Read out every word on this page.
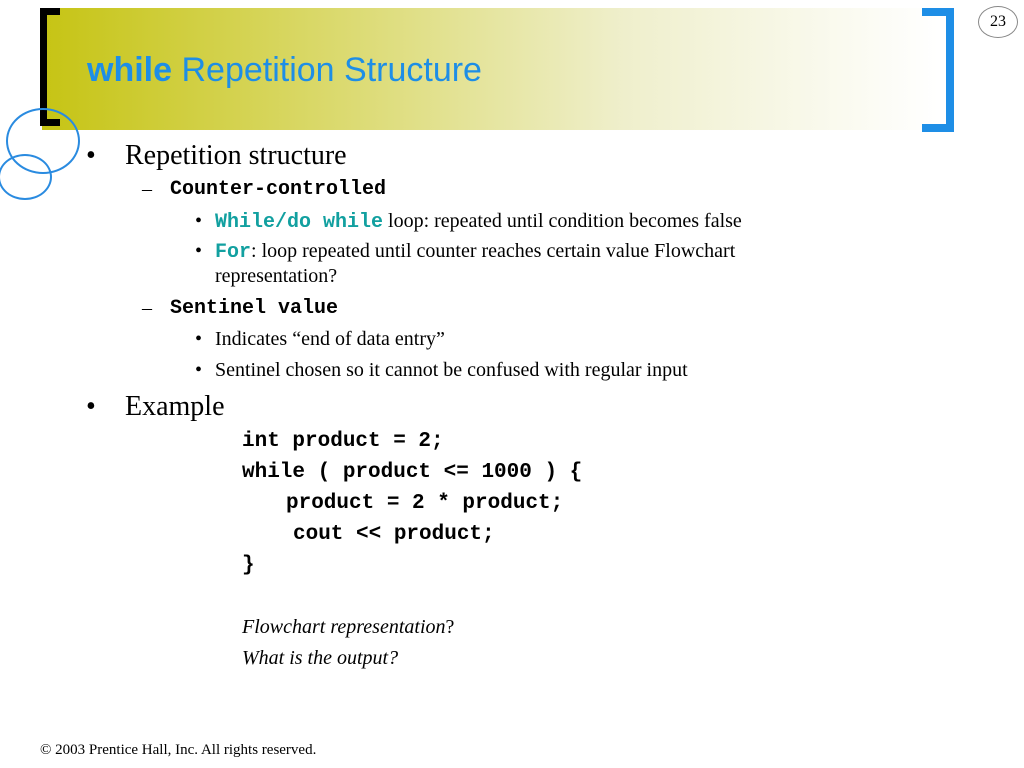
23
while Repetition Structure
• Repetition structure
– Counter-controlled
• While/do while loop: repeated until condition becomes false
• For: loop repeated until counter reaches certain value Flowchart
representation?
– Sentinel value
• Indicates “end of data entry”
• Sentinel chosen so it cannot be confused with regular input
• Example
int product = 2;
while ( product <= 1000 ) {
product = 2 * product;
cout << product;
}
Flowchart representation?
What is the output?
© 2003 Prentice Hall, Inc. All rights reserved.
